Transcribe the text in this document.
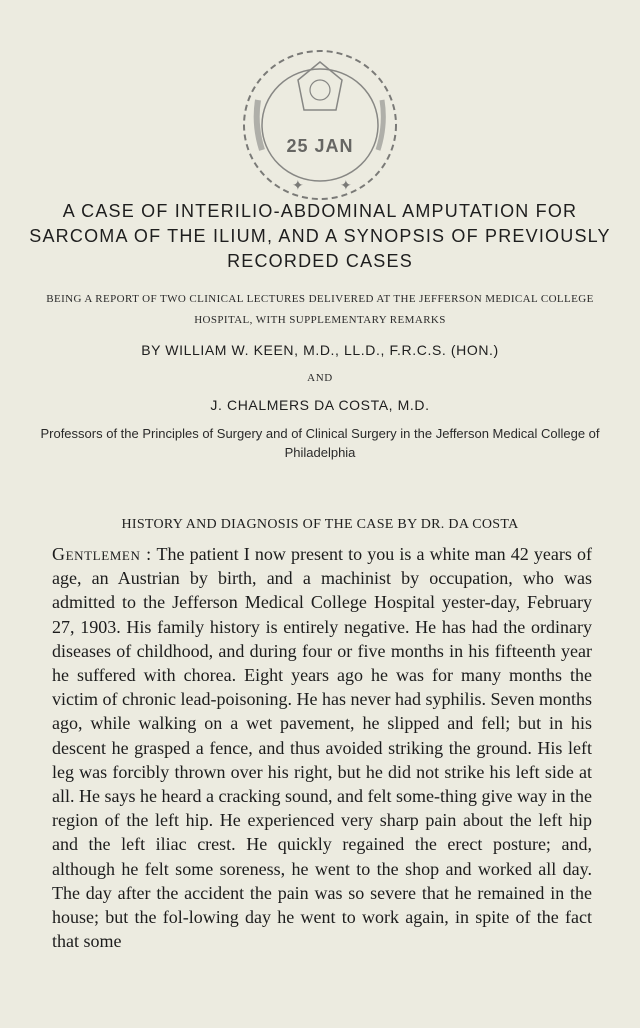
✦	✦
25 JAN
A CASE OF INTERILIO-ABDOMINAL AMPUTATION FOR SARCOMA OF THE ILIUM, AND A SYNOPSIS OF PREVIOUSLY RECORDED CASES
BEING A REPORT OF TWO CLINICAL LECTURES DELIVERED AT THE JEFFERSON MEDICAL COLLEGE HOSPITAL, WITH SUPPLEMENTARY REMARKS
BY WILLIAM W. KEEN, M.D., LL.D., F.R.C.S. (HON.)
AND
J. CHALMERS DA COSTA, M.D.
Professors of the Principles of Surgery and of Clinical Surgery in the Jefferson Medical College of Philadelphia
HISTORY AND DIAGNOSIS OF THE CASE BY DR. DA COSTA

Gentlemen : The patient I now present to you is a white man 42 years of age, an Austrian by birth, and a machinist by occupation, who was admitted to the Jefferson Medical College Hospital yester-day, February 27, 1903. His family history is entirely negative. He has had the ordinary diseases of childhood, and during four or five months in his fifteenth year he suffered with chorea. Eight years ago he was for many months the victim of chronic lead-poisoning. He has never had syphilis. Seven months ago, while walking on a wet pavement, he slipped and fell; but in his descent he grasped a fence, and thus avoided striking the ground. His left leg was forcibly thrown over his right, but he did not strike his left side at all. He says he heard a cracking sound, and felt some-thing give way in the region of the left hip. He experienced very sharp pain about the left hip and the left iliac crest. He quickly regained the erect posture; and, although he felt some soreness, he went to the shop and worked all day. The day after the accident the pain was so severe that he remained in the house; but the fol-lowing day he went to work again, in spite of the fact that some
